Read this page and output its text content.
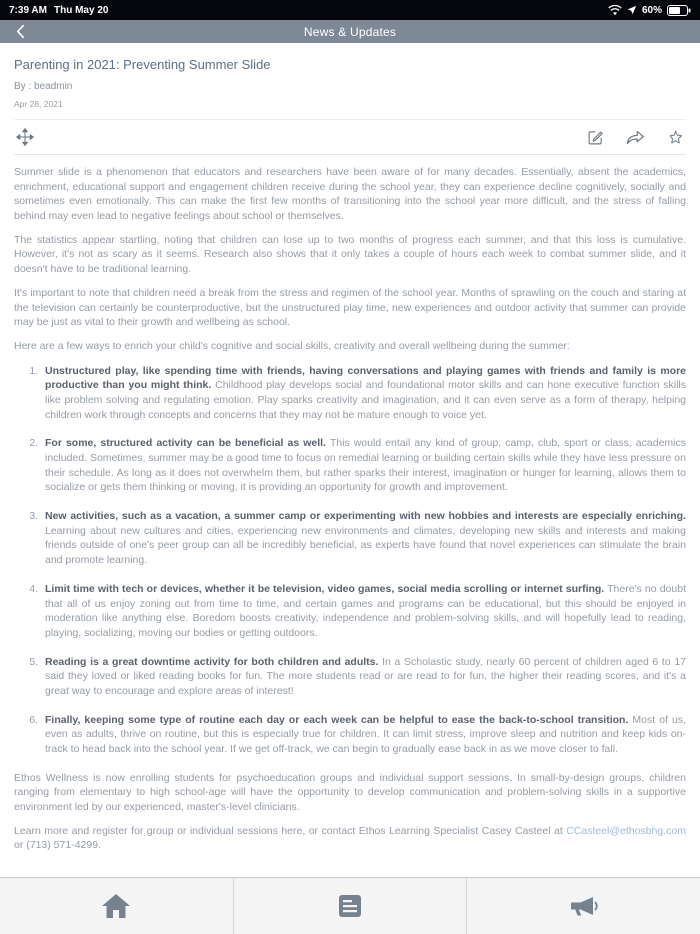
7:39 AM Thu May 20	60%
News & Updates
Parenting in 2021: Preventing Summer Slide
By : beadmin
Apr 28, 2021

Summer slide is a phenomenon that educators and researchers have been aware of for many decades. Essentially, absent the academics, enrichment, educational support and engagement children receive during the school year, they can experience decline cognitively, socially and sometimes even emotionally. This can make the first few months of transitioning into the school year more difficult, and the stress of falling behind may even lead to negative feelings about school or themselves.

The statistics appear startling, noting that children can lose up to two months of progress each summer, and that this loss is cumulative. However, it's not as scary as it seems. Research also shows that it only takes a couple of hours each week to combat summer slide, and it doesn't have to be traditional learning.

It's important to note that children need a break from the stress and regimen of the school year. Months of sprawling on the couch and staring at the television can certainly be counterproductive, but the unstructured play time, new experiences and outdoor activity that summer can provide may be just as vital to their growth and wellbeing as school.

Here are a few ways to enrich your child's cognitive and social skills, creativity and overall wellbeing during the summer:

1. Unstructured play, like spending time with friends, having conversations and playing games with friends and family is more productive than you might think. Childhood play develops social and foundational motor skills and can hone executive function skills like problem solving and regulating emotion. Play sparks creativity and imagination, and it can even serve as a form of therapy, helping children work through concepts and concerns that they may not be mature enough to voice yet.
2. For some, structured activity can be beneficial as well. This would entail any kind of group, camp, club, sport or class, academics included. Sometimes, summer may be a good time to focus on remedial learning or building certain skills while they have less pressure on their schedule. As long as it does not overwhelm them, but rather sparks their interest, imagination or hunger for learning, allows them to socialize or gets them thinking or moving, it is providing an opportunity for growth and improvement.
3. New activities, such as a vacation, a summer camp or experimenting with new hobbies and interests are especially enriching. Learning about new cultures and cities, experiencing new environments and climates, developing new skills and interests and making friends outside of one's peer group can all be incredibly beneficial, as experts have found that novel experiences can stimulate the brain and promote learning.
4. Limit time with tech or devices, whether it be television, video games, social media scrolling or internet surfing. There's no doubt that all of us enjoy zoning out from time to time, and certain games and programs can be educational, but this should be enjoyed in moderation like anything else. Boredom boosts creativity, independence and problem-solving skills, and will hopefully lead to reading, playing, socializing, moving our bodies or getting outdoors.
5. Reading is a great downtime activity for both children and adults. In a Scholastic study, nearly 60 percent of children aged 6 to 17 said they loved or liked reading books for fun. The more students read or are read to for fun, the higher their reading scores, and it's a great way to encourage and explore areas of interest!
6. Finally, keeping some type of routine each day or each week can be helpful to ease the back-to-school transition. Most of us, even as adults, thrive on routine, but this is especially true for children. It can limit stress, improve sleep and nutrition and keep kids on-track to head back into the school year. If we get off-track, we can begin to gradually ease back in as we move closer to fall.

Ethos Wellness is now enrolling students for psychoeducation groups and individual support sessions. In small-by-design groups, children ranging from elementary to high school-age will have the opportunity to develop communication and problem-solving skills in a supportive environment led by our experienced, master's-level clinicians.

Learn more and register for group or individual sessions here, or contact Ethos Learning Specialist Casey Casteel at CCasteel@ethosbhg.com or (713) 571-4299.
